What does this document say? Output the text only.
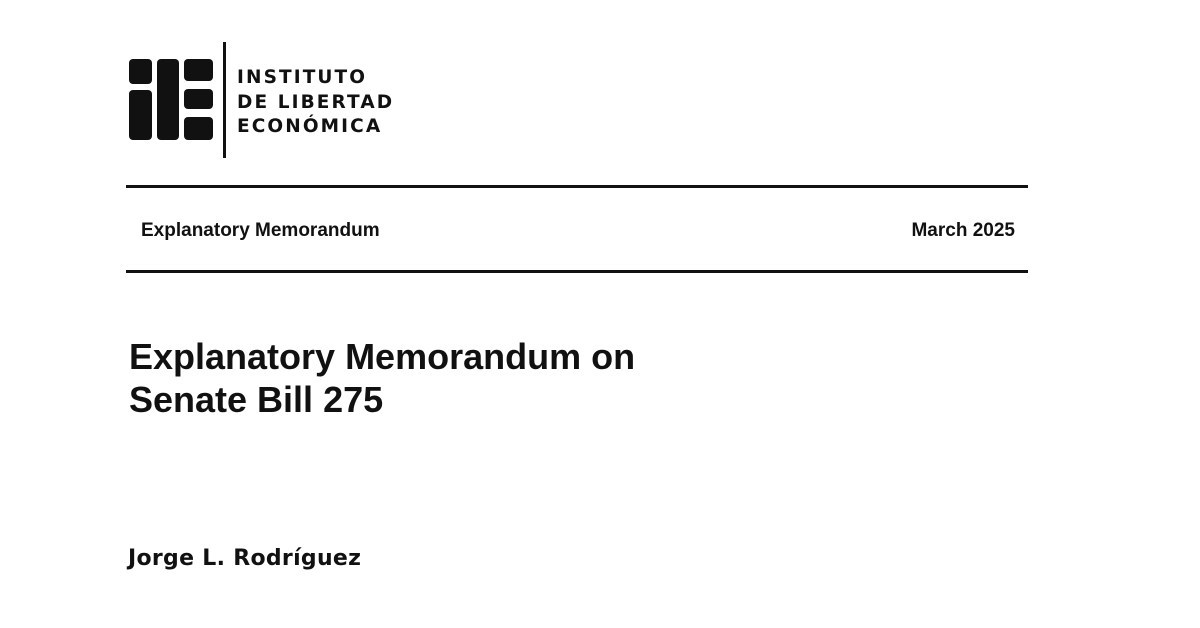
INSTITUTO
DE LIBERTAD
ECONÓMICA
Explanatory Memorandum	March 2025
Explanatory Memorandum on
Senate Bill 275
Jorge L. Rodríguez
